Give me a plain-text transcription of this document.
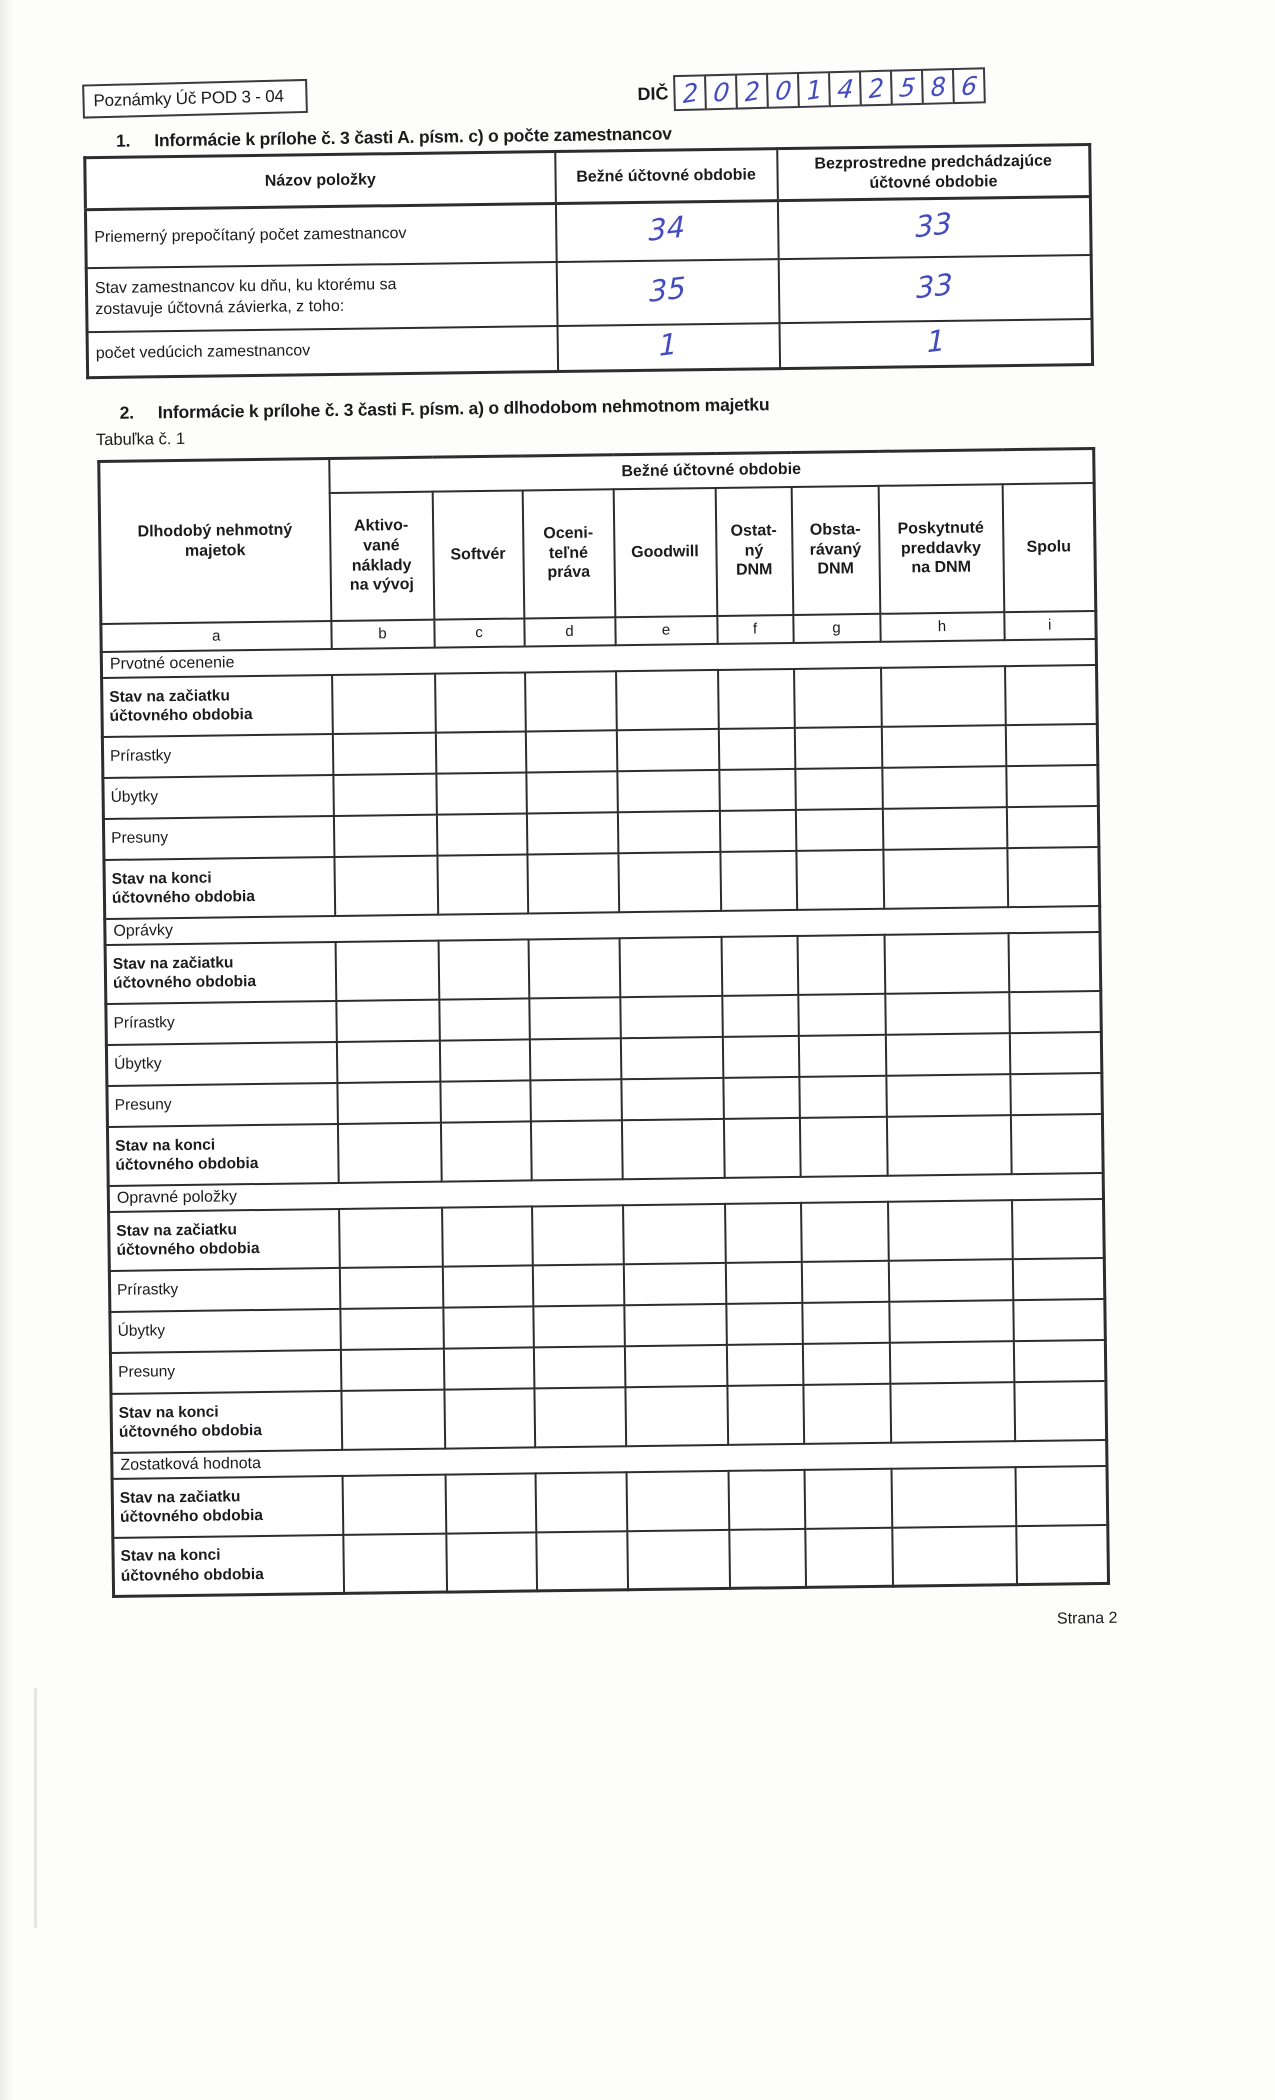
Poznámky Úč POD 3 - 04	DIČ 2 0 2 0 1 4 2 5 8 6
1. Informácie k prílohe č. 3 časti A. písm. c) o počte zamestnancov
Názov položky	Bežné účtovné obdobie	Bezprostredne predchádzajúce
účtovné obdobie
Priemerný prepočítaný počet zamestnancov	34	33
Stav zamestnancov ku dňu, ku ktorému sa
zostavuje účtovná závierka, z toho:	35	33
počet vedúcich zamestnancov	1	1
2. Informácie k prílohe č. 3 časti F. písm. a) o dlhodobom nehmotnom majetku
Tabuľka č. 1
Dlhodobý nehmotný
majetok	Bežné účtovné obdobie							
	Aktivo-
vané
náklady
na vývoj	Softvér	Oceni-
teľné
práva	Goodwill	Ostat-
ný
DNM	Obsta-
rávaný
DNM	Poskytnuté
preddavky
na DNM	Spolu
a	b	c	d	e	f	g	h	i
Prvotné ocenenie								
Stav na začiatku
účtovného obdobia								
Prírastky								
Úbytky								
Presuny								
Stav na konci
účtovného obdobia								
Oprávky								
Stav na začiatku
účtovného obdobia								
Prírastky								
Úbytky								
Presuny								
Stav na konci
účtovného obdobia								
Opravné položky								
Stav na začiatku
účtovného obdobia								
Prírastky								
Úbytky								
Presuny								
Stav na konci
účtovného obdobia								
Zostatková hodnota								
Stav na začiatku
účtovného obdobia								
Stav na konci
účtovného obdobia								
Strana 2
